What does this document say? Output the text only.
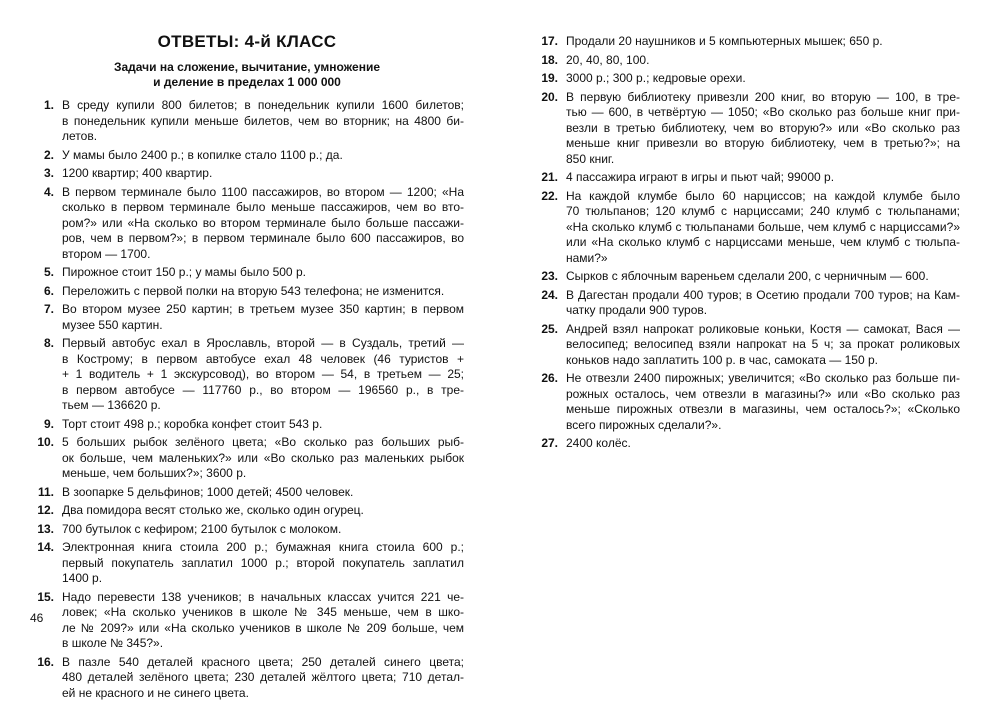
ОТВЕТЫ: 4-й КЛАСС
Задачи на сложение, вычитание, умножение
и деление в пределах 1 000 000
1. В среду купили 800 билетов; в понедельник купили 1600 билетов;
в понедельник купили меньше билетов, чем во вторник; на 4800 би-
летов.
2. У мамы было 2400 р.; в копилке стало 1100 р.; да.
3. 1200 квартир; 400 квартир.
4. В первом терминале было 1100 пассажиров, во втором — 1200; «На
сколько в первом терминале было меньше пассажиров, чем во вто-
ром?» или «На сколько во втором терминале было больше пассажи-
ров, чем в первом?»; в первом терминале было 600 пассажиров, во
втором — 1700.
5. Пирожное стоит 150 р.; у мамы было 500 р.
6. Переложить с первой полки на вторую 543 телефона; не изменится.
7. Во втором музее 250 картин; в третьем музее 350 картин; в первом
музее 550 картин.
8. Первый автобус ехал в Ярославль, второй — в Суздаль, третий —
в Кострому; в первом автобусе ехал 48 человек (46 туристов +
+ 1 водитель + 1 экскурсовод), во втором — 54, в третьем — 25;
в первом автобусе — 117760 р., во втором — 196560 р., в тре-
тьем — 136620 р.
9. Торт стоит 498 р.; коробка конфет стоит 543 р.
10. 5 больших рыбок зелёного цвета; «Во сколько раз больших рыб-
ок больше, чем маленьких?» или «Во сколько раз маленьких рыбок
меньше, чем больших?»; 3600 р.
11. В зоопарке 5 дельфинов; 1000 детей; 4500 человек.
12. Два помидора весят столько же, сколько один огурец.
13. 700 бутылок с кефиром; 2100 бутылок с молоком.
14. Электронная книга стоила 200 р.; бумажная книга стоила 600 р.;
первый покупатель заплатил 1000 р.; второй покупатель заплатил
1400 р.
15. Надо перевести 138 учеников; в начальных классах учится 221 че-
ловек; «На сколько учеников в школе № 345 меньше, чем в шко-
ле № 209?» или «На сколько учеников в школе № 209 больше, чем
в школе № 345?».
16. В пазле 540 деталей красного цвета; 250 деталей синего цвета;
480 деталей зелёного цвета; 230 деталей жёлтого цвета; 710 детал-
ей не красного и не синего цвета.
17. Продали 20 наушников и 5 компьютерных мышек; 650 р.
18. 20, 40, 80, 100.
19. 3000 р.; 300 р.; кедровые орехи.
20. В первую библиотеку привезли 200 книг, во вторую — 100, в тре-
тью — 600, в четвёртую — 1050; «Во сколько раз больше книг при-
везли в третью библиотеку, чем во вторую?» или «Во сколько раз
меньше книг привезли во вторую библиотеку, чем в третью?»; на
850 книг.
21. 4 пассажира играют в игры и пьют чай; 99000 р.
22. На каждой клумбе было 60 нарциссов; на каждой клумбе было
70 тюльпанов; 120 клумб с нарциссами; 240 клумб с тюльпанами;
«На сколько клумб с тюльпанами больше, чем клумб с нарциссами?»
или «На сколько клумб с нарциссами меньше, чем клумб с тюльпа-
нами?»
23. Сырков с яблочным вареньем сделали 200, с черничным — 600.
24. В Дагестан продали 400 туров; в Осетию продали 700 туров; на Кам-
чатку продали 900 туров.
25. Андрей взял напрокат роликовые коньки, Костя — самокат, Вася —
велосипед; велосипед взяли напрокат на 5 ч; за прокат роликовых
коньков надо заплатить 100 р. в час, самоката — 150 р.
26. Не отвезли 2400 пирожных; увеличится; «Во сколько раз больше пи-
рожных осталось, чем отвезли в магазины?» или «Во сколько раз
меньше пирожных отвезли в магазины, чем осталось?»; «Сколько
всего пирожных сделали?».
27. 2400 колёс.
46
